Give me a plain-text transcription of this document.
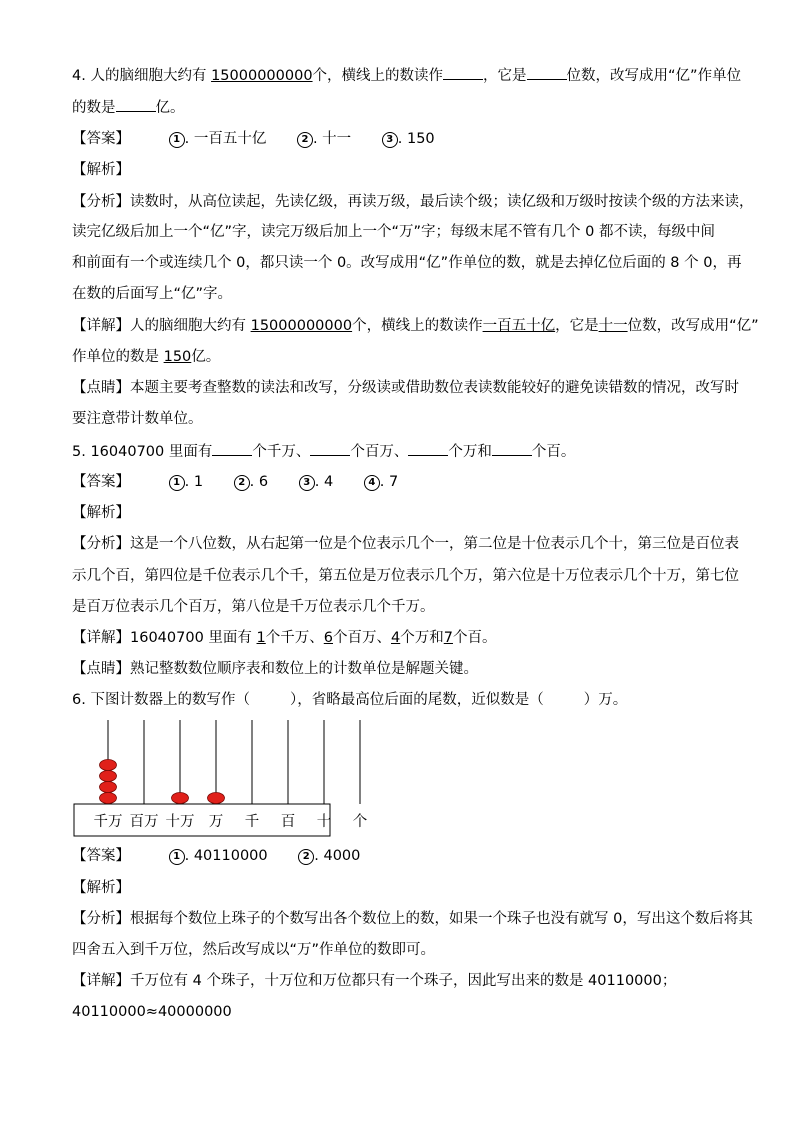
4. 人的脑细胞大约有 15000000000个，横线上的数读作	，它是	位数，改写成用“亿”作单位
的数是	亿。
【答案】	1 . 一百五十亿	2 . 十一	3 . 150
【解析】
【分析】读数时，从高位读起，先读亿级，再读万级，最后读个级；读亿级和万级时按读个级的方法来读，
读完亿级后加上一个“亿”字，读完万级后加上一个“万”字；每级末尾不管有几个 0 都不读，每级中间
和前面有一个或连续几个 0，都只读一个 0。改写成用“亿”作单位的数，就是去掉亿位后面的 8 个 0，再
在数的后面写上“亿”字。
【详解】人的脑细胞大约有 15000000000个，横线上的数读作一百五十亿，它是十一位数，改写成用“亿”
作单位的数是 150亿。
【点睛】本题主要考查整数的读法和改写，分级读或借助数位表读数能较好的避免读错数的情况，改写时
要注意带计数单位。
5. 16040700 里面有	个千万、	个百万、	个万和	个百。
【答案】	1 . 1	2 . 6	3 . 4	4 . 7
【解析】
【分析】这是一个八位数，从右起第一位是个位表示几个一，第二位是十位表示几个十，第三位是百位表
示几个百，第四位是千位表示几个千，第五位是万位表示几个万，第六位是十万位表示几个十万，第七位
是百万位表示几个百万，第八位是千万位表示几个千万。
【详解】16040700 里面有 1个千万、6个百万、4个万和7个百。
【点睛】熟记整数数位顺序表和数位上的计数单位是解题关键。
6. 下图计数器上的数写作（	），省略最高位后面的尾数，近似数是（	）万。
千万 百万 十万 万 千 百 十 个
【答案】	1 . 40110000	2 . 4000
【解析】
【分析】根据每个数位上珠子的个数写出各个数位上的数，如果一个珠子也没有就写 0，写出这个数后将其
四舍五入到千万位，然后改写成以“万”作单位的数即可。
【详解】千万位有 4 个珠子，十万位和万位都只有一个珠子，因此写出来的数是 40110000；
40110000≈40000000
